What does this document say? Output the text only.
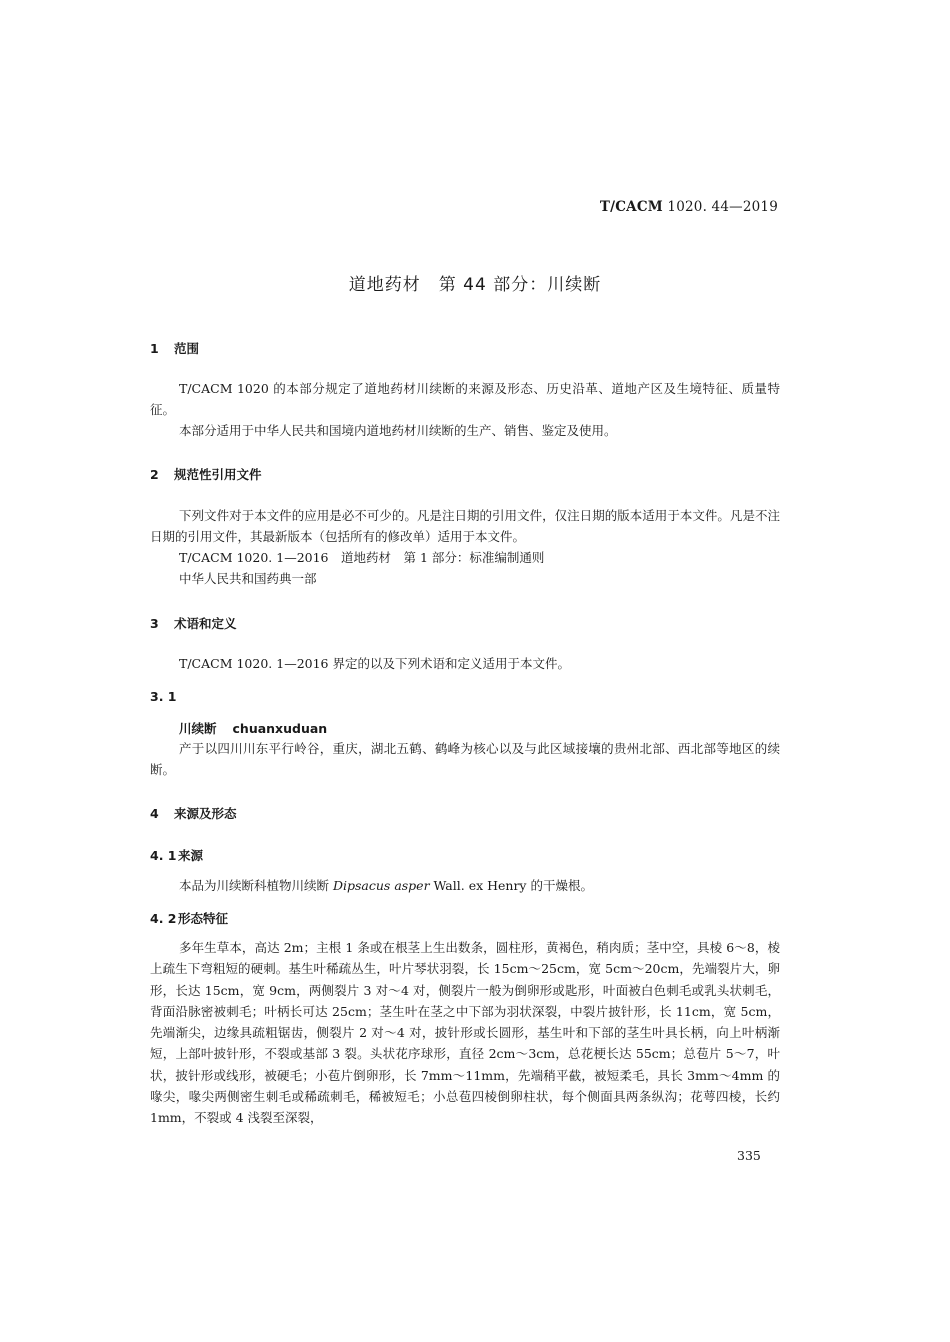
T/CACM 1020. 44—2019
道地药材　第 44 部分：川续断
1 范围
T/CACM 1020 的本部分规定了道地药材川续断的来源及形态、历史沿革、道地产区及生境特征、质量特征。
本部分适用于中华人民共和国境内道地药材川续断的生产、销售、鉴定及使用。
2 规范性引用文件
下列文件对于本文件的应用是必不可少的。凡是注日期的引用文件，仅注日期的版本适用于本文件。凡是不注日期的引用文件，其最新版本（包括所有的修改单）适用于本文件。
T/CACM 1020. 1—2016　道地药材　第 1 部分：标准编制通则
中华人民共和国药典一部
3 术语和定义
T/CACM 1020. 1—2016 界定的以及下列术语和定义适用于本文件。
3. 1
川续断 chuanxuduan
产于以四川川东平行岭谷，重庆，湖北五鹤、鹤峰为核心以及与此区域接壤的贵州北部、西北部等地区的续断。
4 来源及形态
4. 1 来源
本品为川续断科植物川续断 Dipsacus asper Wall. ex Henry 的干燥根。
4. 2 形态特征
多年生草本，高达 2m；主根 1 条或在根茎上生出数条，圆柱形，黄褐色，稍肉质；茎中空，具棱 6～8，棱上疏生下弯粗短的硬刺。基生叶稀疏丛生，叶片琴状羽裂，长 15cm～25cm，宽 5cm～20cm，先端裂片大，卵形，长达 15cm，宽 9cm，两侧裂片 3 对～4 对，侧裂片一般为倒卵形或匙形，叶面被白色刺毛或乳头状刺毛，背面沿脉密被刺毛；叶柄长可达 25cm；茎生叶在茎之中下部为羽状深裂，中裂片披针形，长 11cm，宽 5cm，先端渐尖，边缘具疏粗锯齿，侧裂片 2 对～4 对，披针形或长圆形，基生叶和下部的茎生叶具长柄，向上叶柄渐短，上部叶披针形，不裂或基部 3 裂。头状花序球形，直径 2cm～3cm，总花梗长达 55cm；总苞片 5～7，叶状，披针形或线形，被硬毛；小苞片倒卵形，长 7mm～11mm，先端稍平截，被短柔毛，具长 3mm～4mm 的喙尖，喙尖两侧密生刺毛或稀疏刺毛，稀被短毛；小总苞四棱倒卵柱状，每个侧面具两条纵沟；花萼四棱，长约 1mm，不裂或 4 浅裂至深裂，
335
